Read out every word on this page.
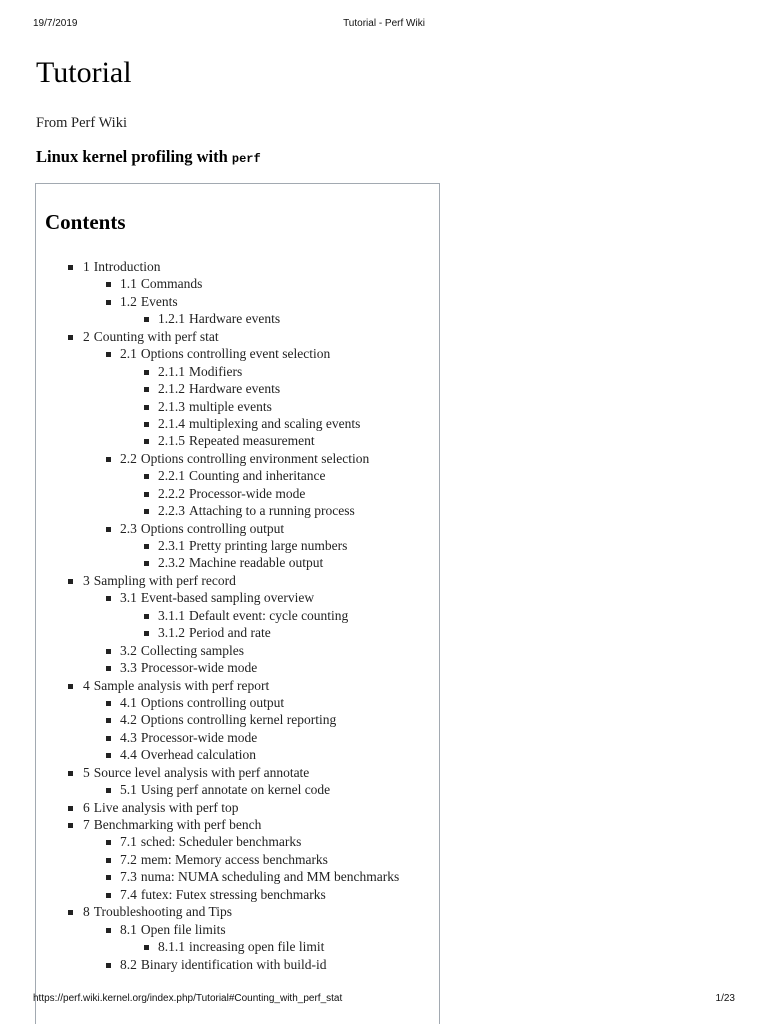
19/7/2019	Tutorial - Perf Wiki
Tutorial
From Perf Wiki
Linux kernel profiling with perf
Contents
1 Introduction
1.1 Commands
1.2 Events
1.2.1 Hardware events
2 Counting with perf stat
2.1 Options controlling event selection
2.1.1 Modifiers
2.1.2 Hardware events
2.1.3 multiple events
2.1.4 multiplexing and scaling events
2.1.5 Repeated measurement
2.2 Options controlling environment selection
2.2.1 Counting and inheritance
2.2.2 Processor-wide mode
2.2.3 Attaching to a running process
2.3 Options controlling output
2.3.1 Pretty printing large numbers
2.3.2 Machine readable output
3 Sampling with perf record
3.1 Event-based sampling overview
3.1.1 Default event: cycle counting
3.1.2 Period and rate
3.2 Collecting samples
3.3 Processor-wide mode
4 Sample analysis with perf report
4.1 Options controlling output
4.2 Options controlling kernel reporting
4.3 Processor-wide mode
4.4 Overhead calculation
5 Source level analysis with perf annotate
5.1 Using perf annotate on kernel code
6 Live analysis with perf top
7 Benchmarking with perf bench
7.1 sched: Scheduler benchmarks
7.2 mem: Memory access benchmarks
7.3 numa: NUMA scheduling and MM benchmarks
7.4 futex: Futex stressing benchmarks
8 Troubleshooting and Tips
8.1 Open file limits
8.1.1 increasing open file limit
8.2 Binary identification with build-id
https://perf.wiki.kernel.org/index.php/Tutorial#Counting_with_perf_stat	1/23
